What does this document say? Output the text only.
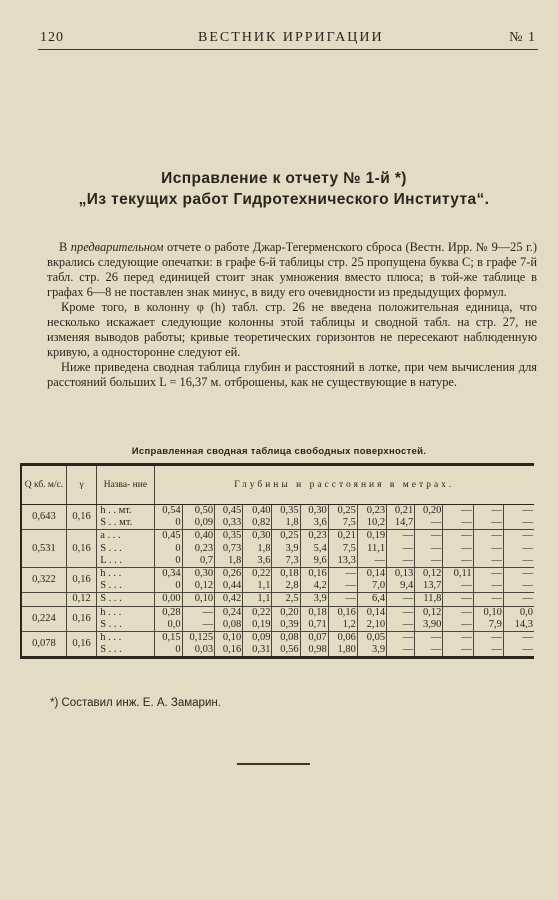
120	ВЕСТНИК ИРРИГАЦИИ	№ 1
Исправление к отчету № 1-й *)
„Из текущих работ Гидротехнического Института“.

В предварительном отчете о работе Джар-Тегерменского сброса (Вестн. Ирр. № 9—25 г.) вкрались следующие опечатки: в графе 6-й таблицы стр. 25 пропущена буква C; в графе 7-й табл. стр. 26 перед единицей стоит знак умножения вместо плюса; в той-же таблице в графах 6—8 не поставлен знак минус, в виду его очевидности из предыдущих формул.

Кроме того, в колонну φ (h) табл. стр. 26 не введена положительная единица, что несколько искажает следующие колонны этой таблицы и сводной табл. на стр. 27, не изменяя выводов работы; кривые теоретических горизонтов не пересекают наблюденную кривую, а односторонне следуют ей.

Ниже приведена сводная таблица глубин и расстояний в лотке, при чем вычисления для расстояний больших L = 16,37 м. отброшены, как не существующие в натуре.

Исправленная сводная таблица свободных поверхностей.
Q кб. м/с.	γ	Назва- ние	Глубины и расстояния в метрах.												
0,643	0,16	h . . мт.	0,54	0,50	0,45	0,40	0,35	0,30	0,25	0,23	0,21	0,20	—	—	—
		S . . мт.	0	0,09	0,33	0,82	1,8	3,6	7,5	10,2	14,7	—	—	—	—
0,531	0,16	a . . .	0,45	0,40	0,35	0,30	0,25	0,23	0,21	0,19	—	—	—	—	—
		S . . .	0	0,23	0,73	1,8	3,9	5,4	7,5	11,1	—	—	—	—	—
		L . . .	0	0,7	1,8	3,6	7,3	9,6	13,3	—	—	—	—	—	—
0,322	0,16	h . . .	0,34	0,30	0,26	0,22	0,18	0,16	—	0,14	0,13	0,12	0,11	—	—
		S . . .	0	0,12	0,44	1,1	2,8	4,2	—	7,0	9,4	13,7	—	—	—
	0,12	S . . .	0,00	0,10	0,42	1,1	2,5	3,9	—	6,4	—	11,8	—	—	—
0,224	0,16	h . . .	0,28	—	0,24	0,22	0,20	0,18	0,16	0,14	—	0,12	—	0,10	0,0
		S . . .	0,0	—	0,08	0,19	0,39	0,71	1,2	2,10	—	3,90	—	7,9	14,3
0,078	0,16	h . . .	0,15	0,125	0,10	0,09	0,08	0,07	0,06	0,05	—	—	—	—	—
		S . . .	0	0,03	0,16	0,31	0,56	0,98	1,80	3,9	—	—	—	—	—
*) Составил инж. Е. А. Замарин.
